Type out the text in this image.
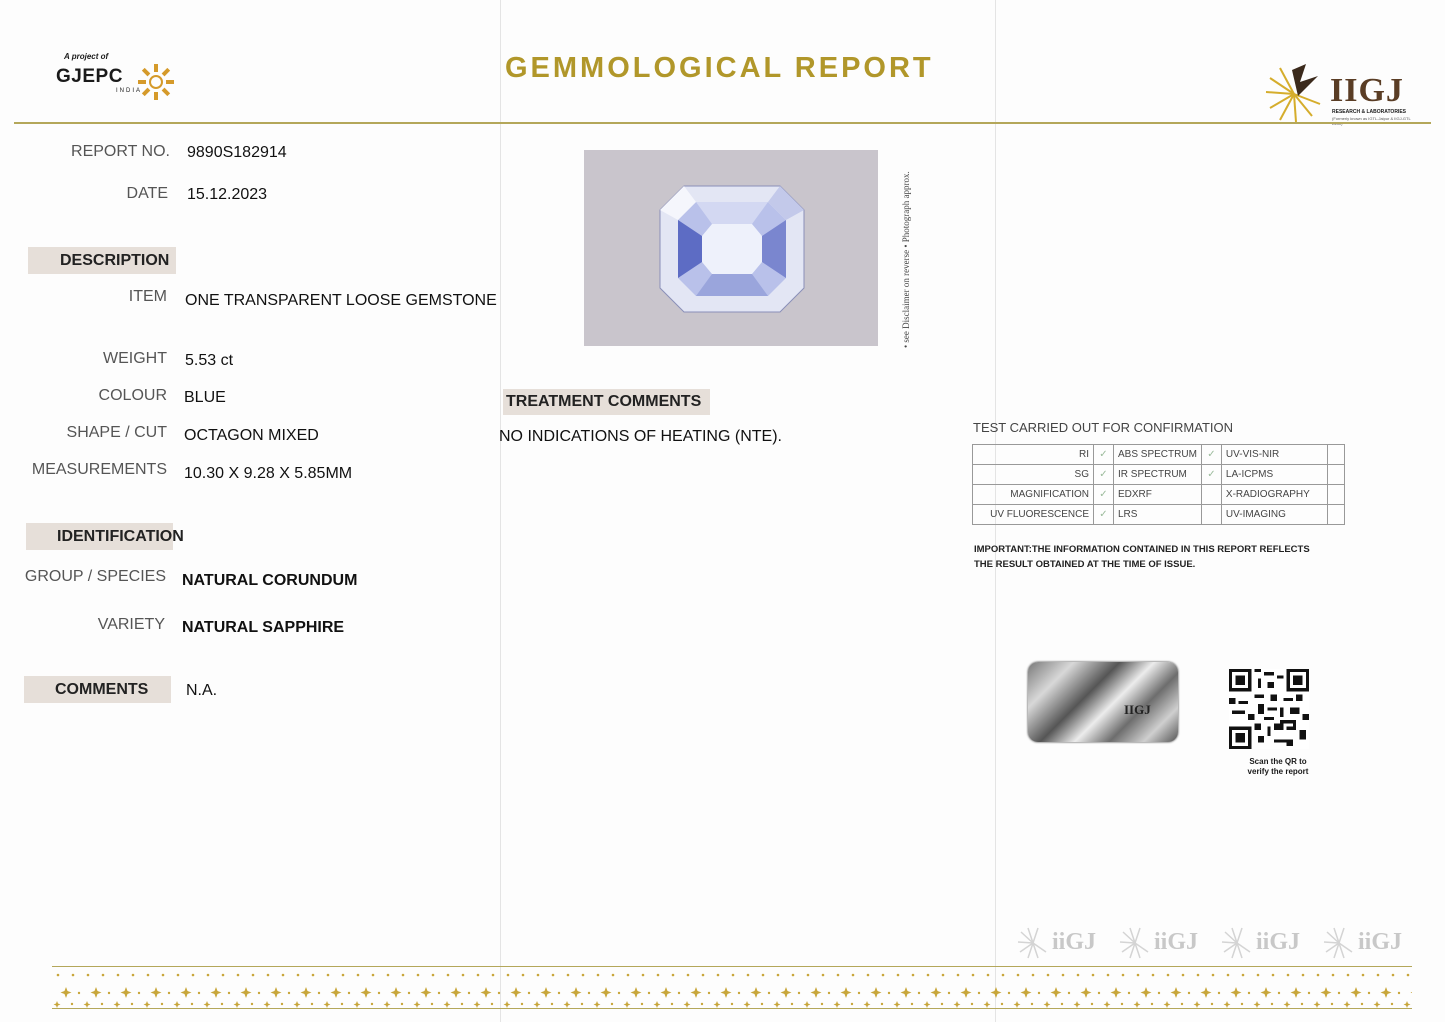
A project of
GJEPC
INDIA
GEMMOLOGICAL REPORT
IIGJ
RESEARCH & LABORATORIES
(Formerly known as IGTL-Jaipur & IIGJ-GTL
REPORT NO. 9890S182914
DATE 15.12.2023
DESCRIPTION
ITEM ONE TRANSPARENT LOOSE GEMSTONE
WEIGHT 5.53 ct
COLOUR BLUE
SHAPE / CUT OCTAGON MIXED
MEASUREMENTS 10.30 X 9.28 X 5.85MM
IDENTIFICATION
GROUP / SPECIES NATURAL CORUNDUM
VARIETY NATURAL SAPPHIRE
COMMENTS	N.A.
• see Disclaimer on reverse • Photograph approx.
TREATMENT COMMENTS
NO INDICATIONS OF HEATING (NTE).
TEST CARRIED OUT FOR CONFIRMATION
RI	✓	ABS SPECTRUM	✓	UV-VIS-NIR	
SG	✓	IR SPECTRUM	✓	LA-ICPMS	
MAGNIFICATION	✓	EDXRF		X-RADIOGRAPHY	
UV FLUORESCENCE	✓	LRS		UV-IMAGING	
IMPORTANT:THE INFORMATION CONTAINED IN THIS REPORT REFLECTS THE RESULT OBTAINED AT THE TIME OF ISSUE.
IIGJ
Scan the QR to verify the report
iiGJ iiGJ iiGJ iiGJ
